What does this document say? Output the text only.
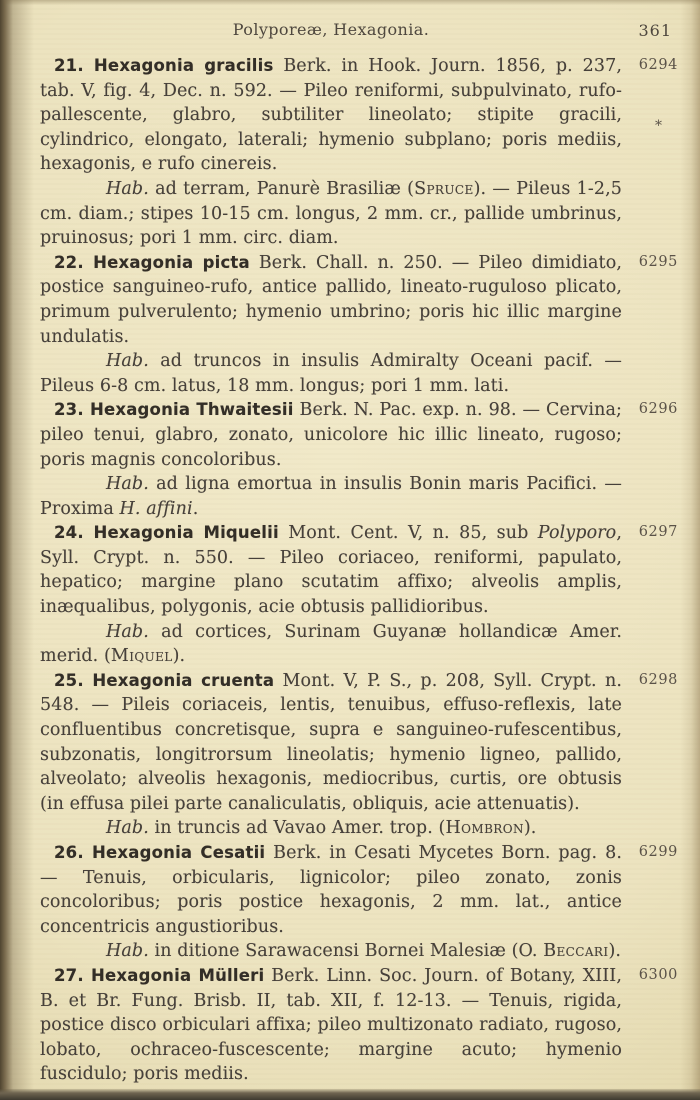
Polyporeæ, Hexagonia.	361
6294

21. Hexagonia gracilis Berk. in Hook. Journ. 1856, p. 237, tab. V, fig. 4, Dec. n. 592. — Pileo reniformi, subpulvinato, rufo-pallescente, glabro, subtiliter lineolato; stipite gracili, cylindrico, elongato, laterali; hymenio subplano; poris mediis, hexagonis, e rufo cinereis.

Hab. ad terram, Panurè Brasiliæ (Spruce). — Pileus 1-2,5 cm. diam.; stipes 10-15 cm. longus, 2 mm. cr., pallide umbrinus, pruinosus; pori 1 mm. circ. diam.

*
6295

22. Hexagonia picta Berk. Chall. n. 250. — Pileo dimidiato, postice sanguineo-rufo, antice pallido, lineato-ruguloso plicato, primum pulverulento; hymenio umbrino; poris hic illic margine undulatis.

Hab. ad truncos in insulis Admiralty Oceani pacif. — Pileus 6-8 cm. latus, 18 mm. longus; pori 1 mm. lati.

6296

23. Hexagonia Thwaitesii Berk. N. Pac. exp. n. 98. — Cervina; pileo tenui, glabro, zonato, unicolore hic illic lineato, rugoso; poris magnis concoloribus.

Hab. ad ligna emortua in insulis Bonin maris Pacifici. — Proxima H. affini.

6297

24. Hexagonia Miquelii Mont. Cent. V, n. 85, sub Polyporo, Syll. Crypt. n. 550. — Pileo coriaceo, reniformi, papulato, hepatico; margine plano scutatim affixo; alveolis amplis, inæqualibus, polygonis, acie obtusis pallidioribus.

Hab. ad cortices, Surinam Guyanæ hollandicæ Amer. merid. (Miquel).

6298

25. Hexagonia cruenta Mont. V, P. S., p. 208, Syll. Crypt. n. 548. — Pileis coriaceis, lentis, tenuibus, effuso-reflexis, late confluentibus concretisque, supra e sanguineo-rufescentibus, subzonatis, longitrorsum lineolatis; hymenio ligneo, pallido, alveolato; alveolis hexagonis, mediocribus, curtis, ore obtusis (in effusa pilei parte canaliculatis, obliquis, acie attenuatis).

Hab. in truncis ad Vavao Amer. trop. (Hombron).

6299

26. Hexagonia Cesatii Berk. in Cesati Mycetes Born. pag. 8. — Tenuis, orbicularis, lignicolor; pileo zonato, zonis concoloribus; poris postice hexagonis, 2 mm. lat., antice concentricis angustioribus.

Hab. in ditione Sarawacensi Bornei Malesiæ (O. Beccari).

6300

27. Hexagonia Mülleri Berk. Linn. Soc. Journ. of Botany, XIII, B. et Br. Fung. Brisb. II, tab. XII, f. 12-13. — Tenuis, rigida, postice disco orbiculari affixa; pileo multizonato radiato, rugoso, lobato, ochraceo-fuscescente; margine acuto; hymenio fuscidulo; poris mediis.
